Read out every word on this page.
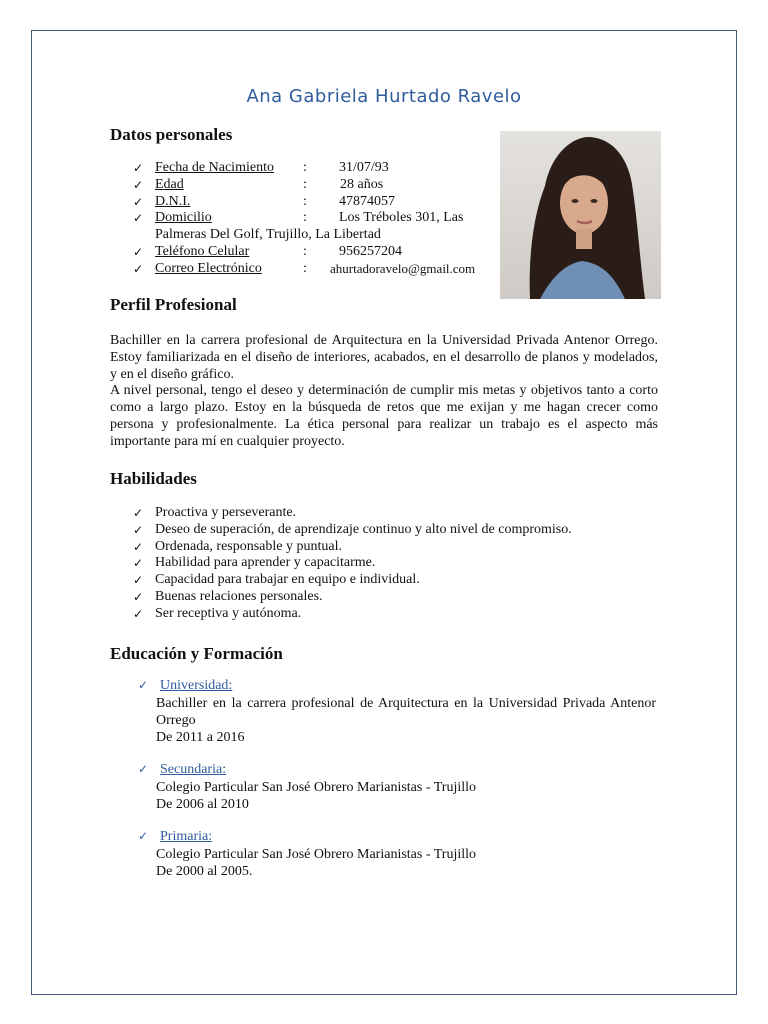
Ana Gabriela Hurtado Ravelo
Datos personales
✓ Fecha de Nacimiento : 31/07/93
✓ Edad	: 28 años
✓ D.N.I.	: 47874057
✓ Domicilio	: Los Tréboles 301, Las
Palmeras Del Golf, Trujillo, La Libertad
✓ Teléfono Celular	: 956257204
✓ Correo Electrónico	: ahurtadoravelo@gmail.com
Perfil Profesional

Bachiller en la carrera profesional de Arquitectura en la Universidad Privada Antenor Orrego. Estoy familiarizada en el diseño de interiores, acabados, en el desarrollo de planos y modelados, y en el diseño gráfico.

A nivel personal, tengo el deseo y determinación de cumplir mis metas y objetivos tanto a corto como a largo plazo. Estoy en la búsqueda de retos que me exijan y me hagan crecer como persona y profesionalmente. La ética personal para realizar un trabajo es el aspecto más importante para mí en cualquier proyecto.

Habilidades
✓ Proactiva y perseverante.
✓ Deseo de superación, de aprendizaje continuo y alto nivel de compromiso.
✓ Ordenada, responsable y puntual.
✓ Habilidad para aprender y capacitarme.
✓ Capacidad para trabajar en equipo e individual.
✓ Buenas relaciones personales.
✓ Ser receptiva y autónoma.
Educación y Formación
✓ Universidad:
Bachiller en la carrera profesional de Arquitectura en la Universidad Privada Antenor Orrego
De 2011 a 2016
✓ Secundaria:
Colegio Particular San José Obrero Marianistas - Trujillo
De 2006 al 2010
✓ Primaria:
Colegio Particular San José Obrero Marianistas - Trujillo
De 2000 al 2005.
